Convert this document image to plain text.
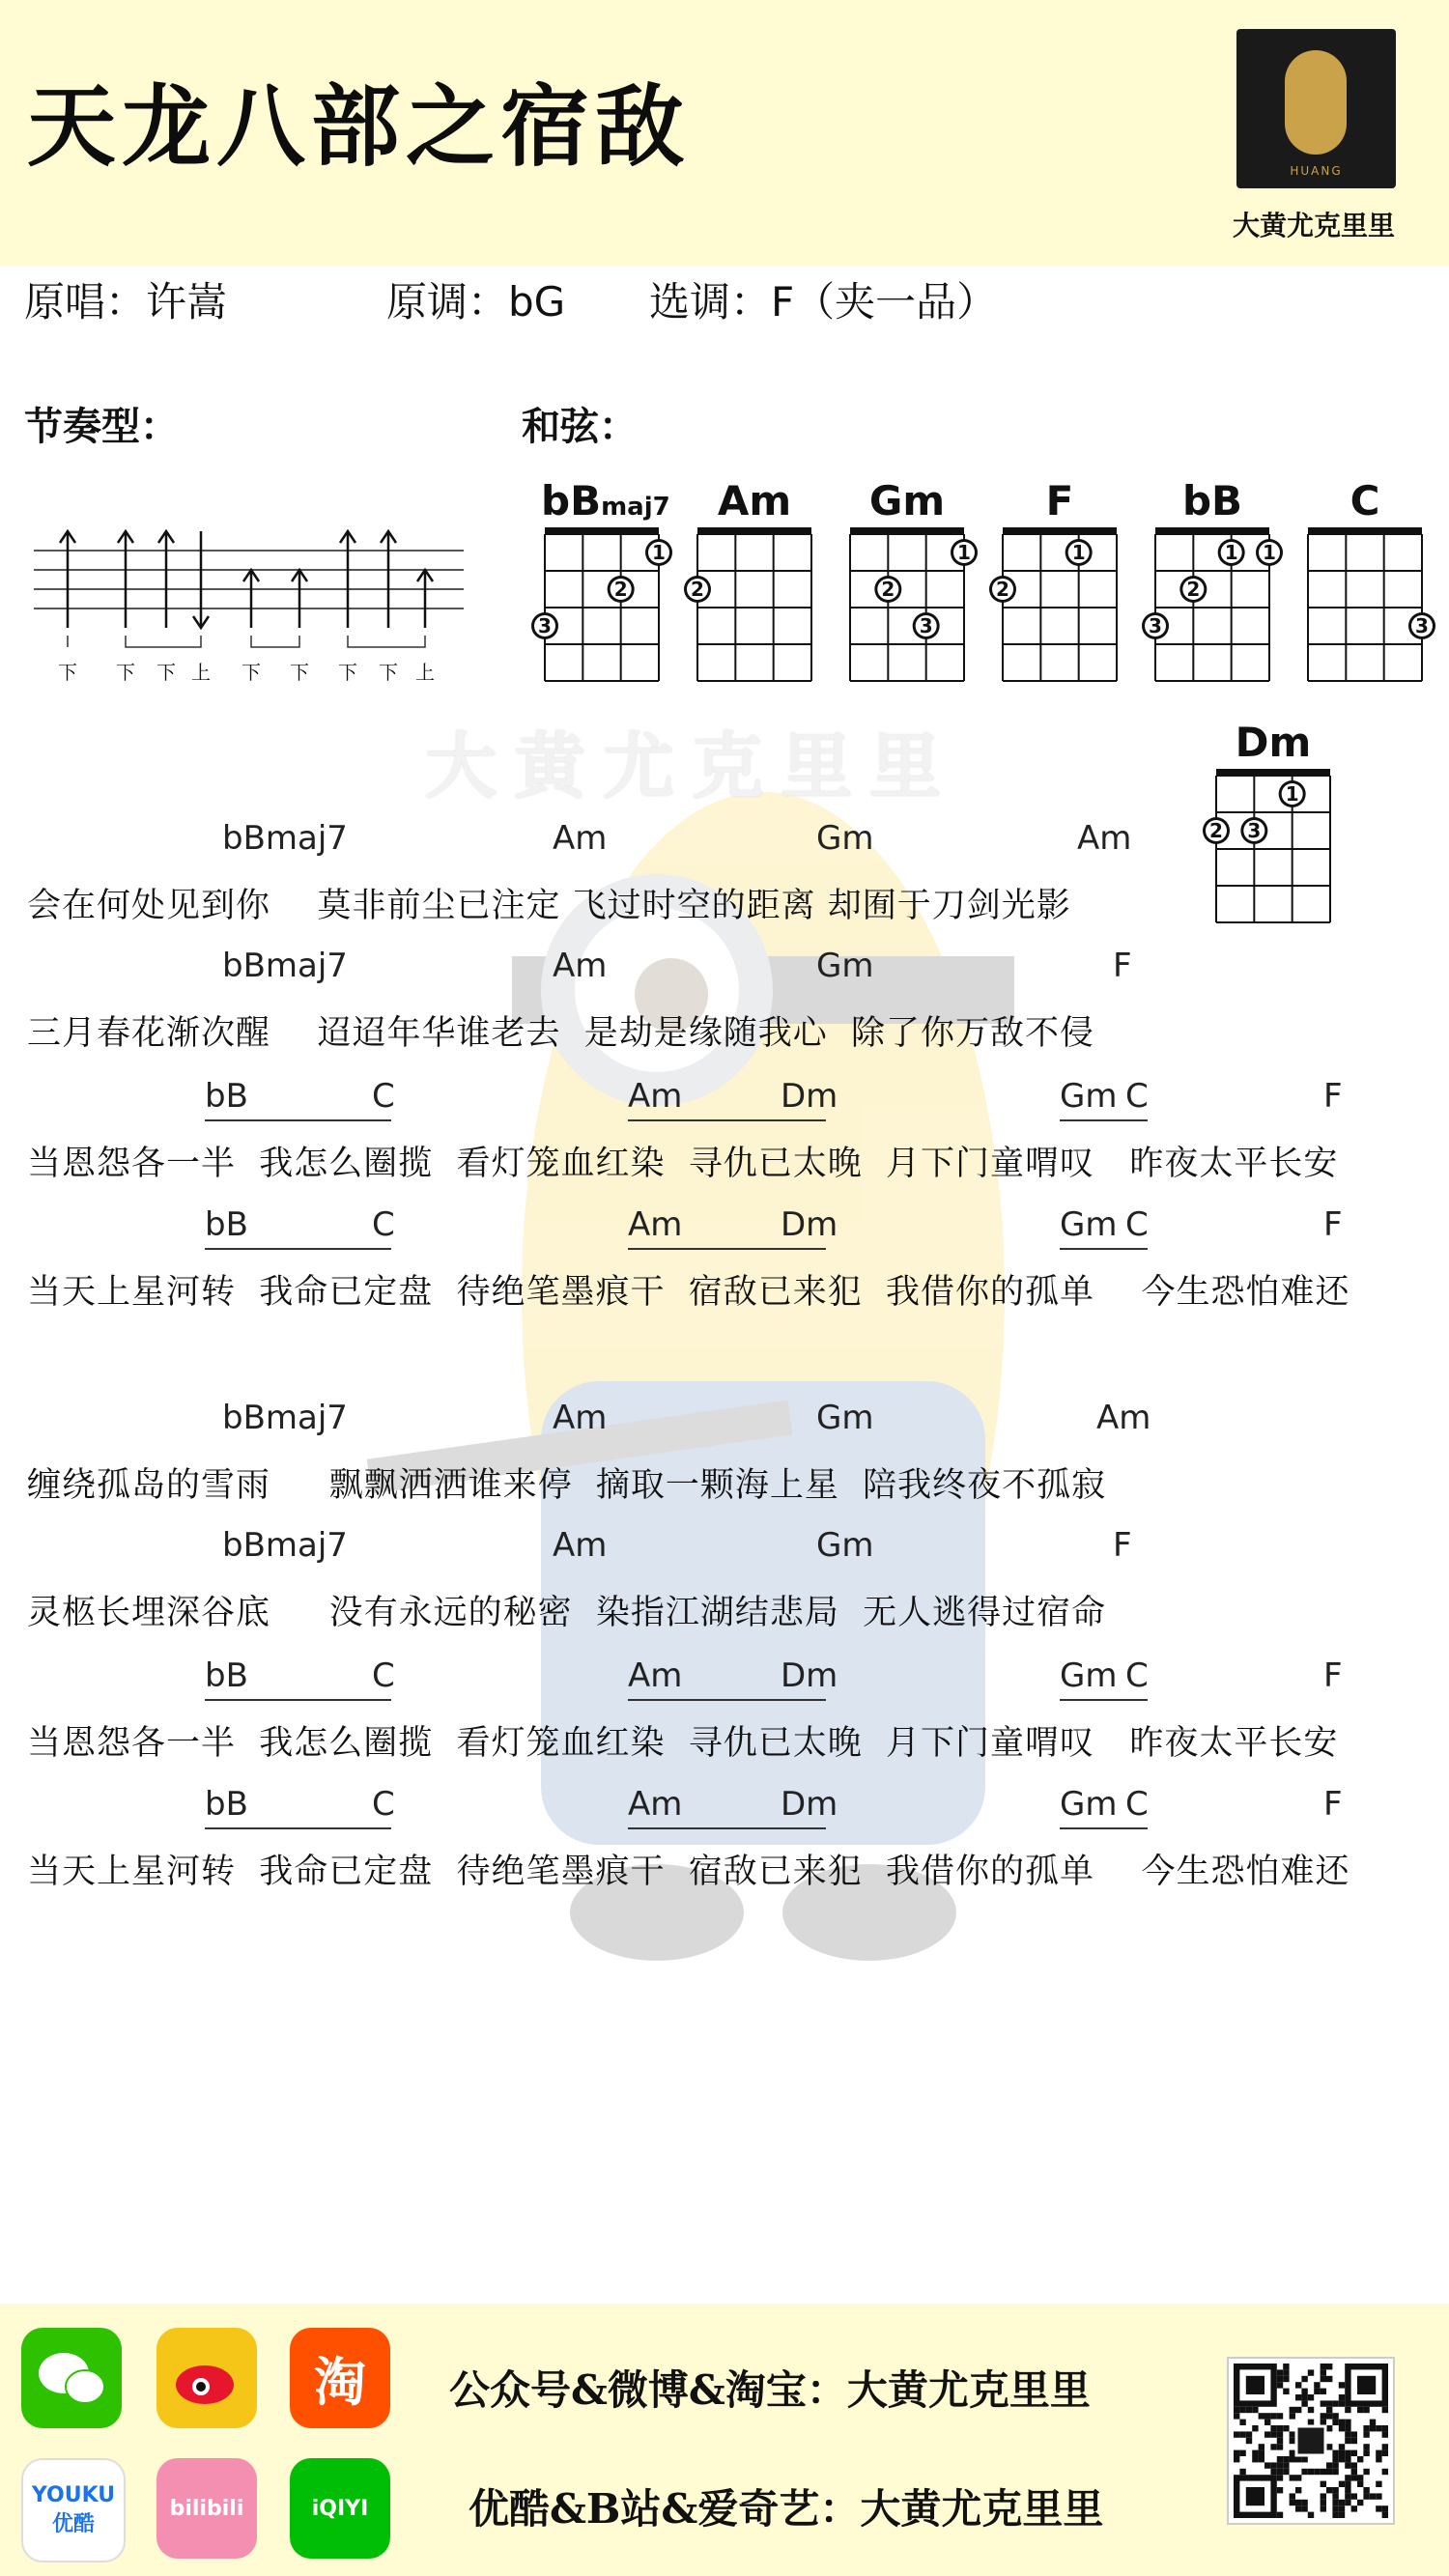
天龙八部之宿敌	HUANG
大黄尤克里里
原唱：许嵩	原调：bG 选调：F（夹一品）
节奏型：	和弦：
下 下 下 上 下 下 下 下 上
bBmaj7
1
2
3
Am
2
Gm
1
2
3
F
1
2
bB
1 1
2
3
C
3
Dm
1
2 3
大黄尤克里里
bBmaj7	Am	Gm	Am
会在何处见到你    莫非前尘已注定 飞过时空的距离 却囿于刀剑光影
bBmaj7	Am	Gm	F
三月春花渐次醒    迢迢年华谁老去  是劫是缘随我心  除了你万敌不侵
bB	C	Am	Dm	Gm C	F
当恩怨各一半  我怎么圈揽  看灯笼血红染  寻仇已太晚  月下门童喟叹   昨夜太平长安
bB	C	Am	Dm	Gm C	F
当天上星河转  我命已定盘  待绝笔墨痕干  宿敌已来犯  我借你的孤单    今生恐怕难还
bBmaj7	Am	Gm	Am
缠绕孤岛的雪雨     飘飘洒洒谁来停  摘取一颗海上星  陪我终夜不孤寂
bBmaj7	Am	Gm	F
灵柩长埋深谷底     没有永远的秘密  染指江湖结悲局  无人逃得过宿命
bB	C	Am	Dm	Gm C	F
当恩怨各一半  我怎么圈揽  看灯笼血红染  寻仇已太晚  月下门童喟叹   昨夜太平长安
bB	C	Am	Dm	Gm C	F
当天上星河转  我命已定盘  待绝笔墨痕干  宿敌已来犯  我借你的孤单    今生恐怕难还
淘
YOUKU
优酷
bilibili	iQIYI
公众号&微博&淘宝：大黄尤克里里
优酷&B站&爱奇艺：大黄尤克里里
